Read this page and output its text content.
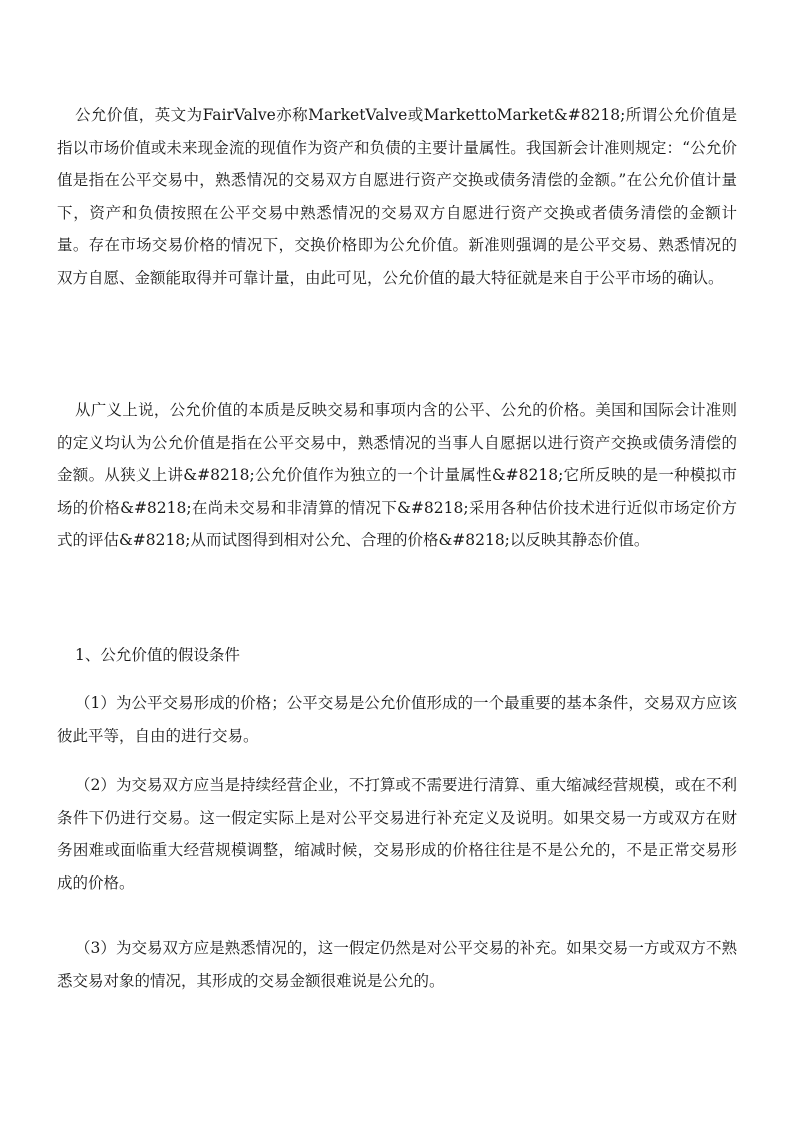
公允价值，英文为FairValve亦称MarketValve或MarkettoMarket&#8218;所谓公允价值是指以市场价值或未来现金流的现值作为资产和负债的主要计量属性。我国新会计准则规定：“公允价值是指在公平交易中，熟悉情况的交易双方自愿进行资产交换或债务清偿的金额。”在公允价值计量下，资产和负债按照在公平交易中熟悉情况的交易双方自愿进行资产交换或者债务清偿的金额计量。存在市场交易价格的情况下，交换价格即为公允价值。新准则强调的是公平交易、熟悉情况的双方自愿、金额能取得并可靠计量，由此可见，公允价值的最大特征就是来自于公平市场的确认。

从广义上说，公允价值的本质是反映交易和事项内含的公平、公允的价格。美国和国际会计准则的定义均认为公允价值是指在公平交易中，熟悉情况的当事人自愿据以进行资产交换或债务清偿的金额。从狭义上讲&#8218;公允价值作为独立的一个计量属性&#8218;它所反映的是一种模拟市场的价格&#8218;在尚未交易和非清算的情况下&#8218;采用各种估价技术进行近似市场定价方式的评估&#8218;从而试图得到相对公允、合理的价格&#8218;以反映其静态价值。

1、公允价值的假设条件

（1）为公平交易形成的价格；公平交易是公允价值形成的一个最重要的基本条件，交易双方应该彼此平等，自由的进行交易。

（2）为交易双方应当是持续经营企业，不打算或不需要进行清算、重大缩减经营规模，或在不利条件下仍进行交易。这一假定实际上是对公平交易进行补充定义及说明。如果交易一方或双方在财务困难或面临重大经营规模调整，缩减时候，交易形成的价格往往是不是公允的，不是正常交易形成的价格。

（3）为交易双方应是熟悉情况的，这一假定仍然是对公平交易的补充。如果交易一方或双方不熟悉交易对象的情况，其形成的交易金额很难说是公允的。
